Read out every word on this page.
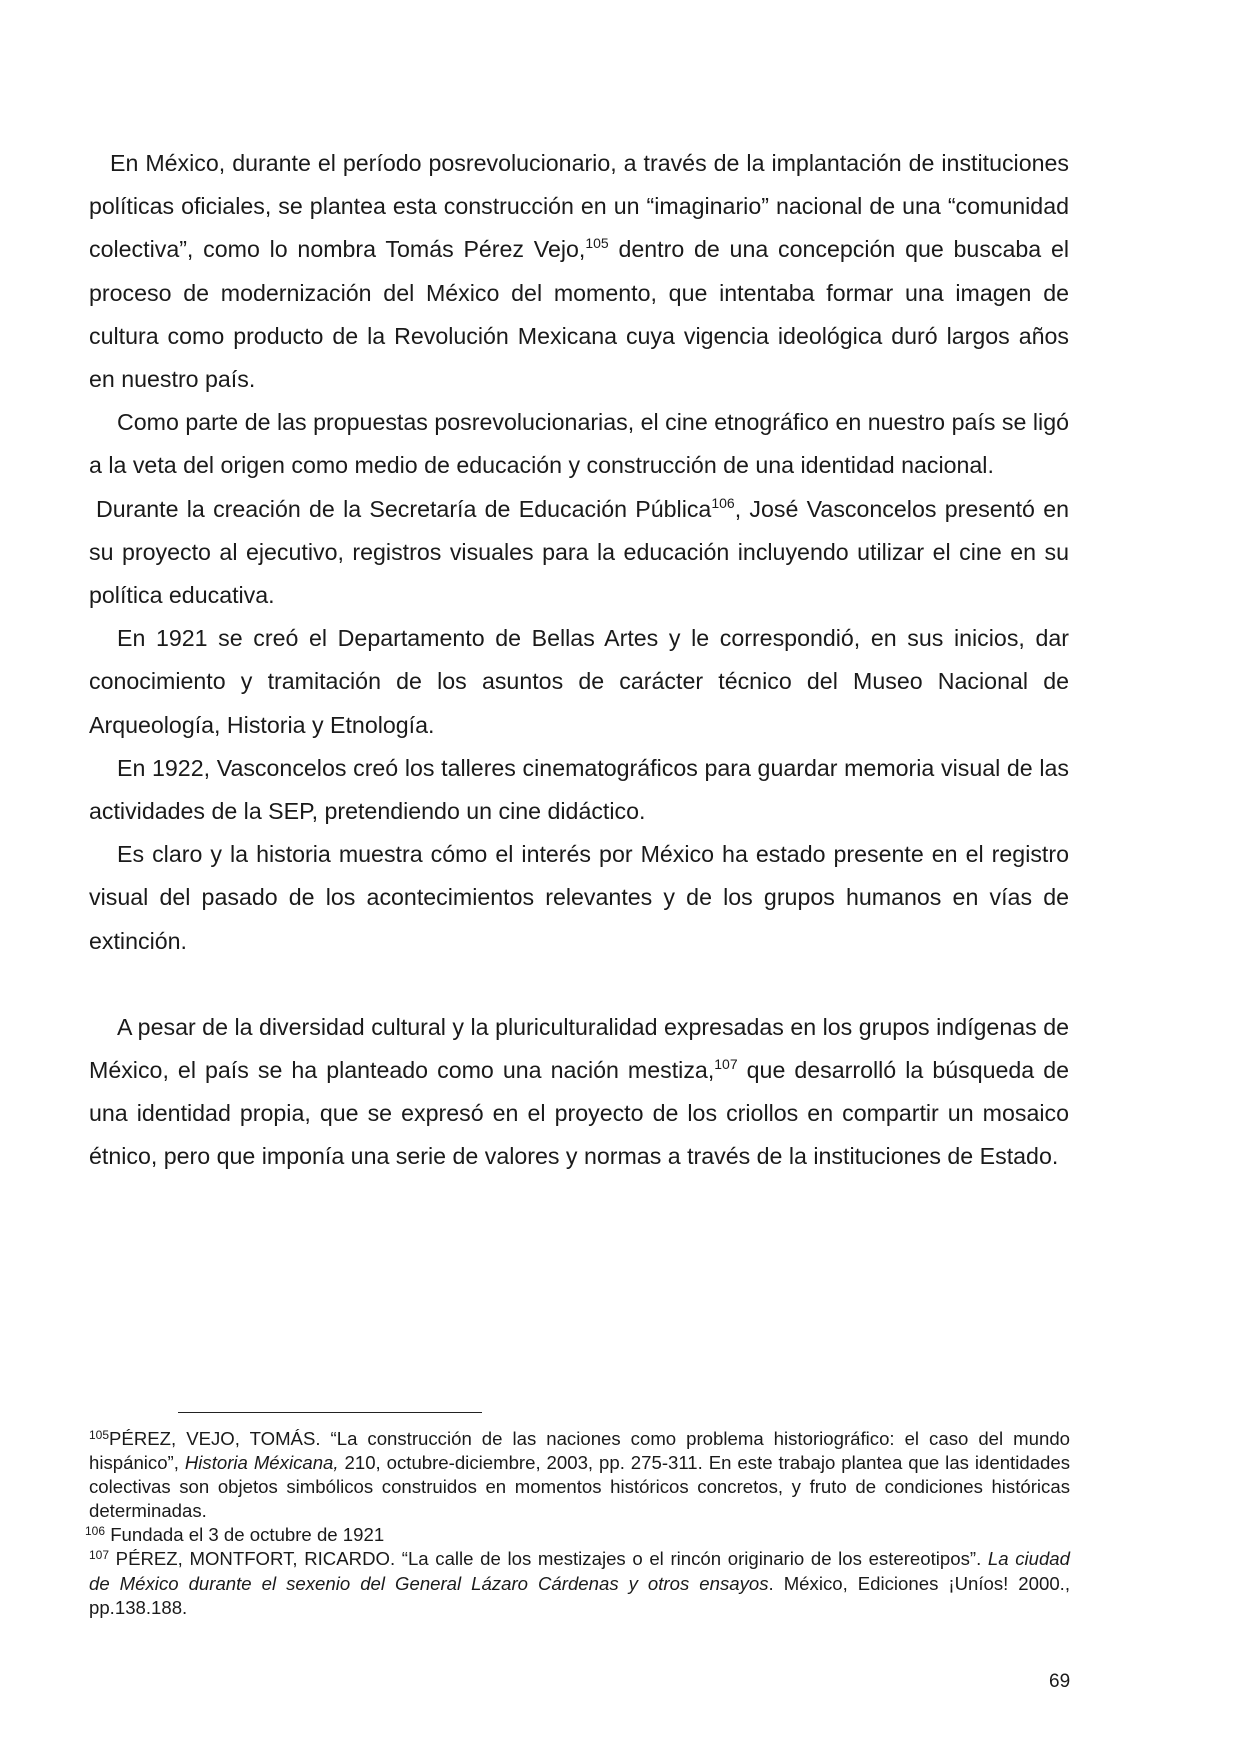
En México, durante el período posrevolucionario, a través de la implantación de instituciones políticas oficiales, se plantea esta construcción en un “imaginario” nacional de una “comunidad colectiva”, como lo nombra Tomás Pérez Vejo,$^{105}$ dentro de una concepción que buscaba el proceso de modernización del México del momento, que intentaba formar una imagen de cultura como producto de la Revolución Mexicana cuya vigencia ideológica duró largos años en nuestro país.

Como parte de las propuestas posrevolucionarias, el cine etnográfico en nuestro país se ligó a la veta del origen como medio de educación y construcción de una identidad nacional.

Durante la creación de la Secretaría de Educación Pública$^{106}$, José Vasconcelos presentó en su proyecto al ejecutivo, registros visuales para la educación incluyendo utilizar el cine en su política educativa.

En 1921 se creó el Departamento de Bellas Artes y le correspondió, en sus inicios, dar conocimiento y tramitación de los asuntos de carácter técnico del Museo Nacional de Arqueología, Historia y Etnología.

En 1922, Vasconcelos creó los talleres cinematográficos para guardar memoria visual de las actividades de la SEP, pretendiendo un cine didáctico.

Es claro y la historia muestra cómo el interés por México ha estado presente en el registro visual del pasado de los acontecimientos relevantes y de los grupos humanos en vías de extinción.

A pesar de la diversidad cultural y la pluriculturalidad expresadas en los grupos indígenas de México, el país se ha planteado como una nación mestiza,$^{107}$ que desarrolló la búsqueda de una identidad propia, que se expresó en el proyecto de los criollos en compartir un mosaico étnico, pero que imponía una serie de valores y normas a través de la instituciones de Estado.

$^{105}$PÉREZ, VEJO, TOMÁS. “La construcción de las naciones como problema historiográfico: el caso del mundo hispánico”, Historia Méxicana, 210, octubre-diciembre, 2003, pp. 275-311. En este trabajo plantea que las identidades colectivas son objetos simbólicos construidos en momentos históricos concretos, y fruto de condiciones históricas determinadas.

$^{106}$ Fundada el 3 de octubre de 1921

$^{107}$ PÉREZ, MONTFORT, RICARDO. “La calle de los mestizajes o el rincón originario de los estereotipos”. La ciudad de México durante el sexenio del General Lázaro Cárdenas y otros ensayos. México, Ediciones ¡Uníos! 2000., pp.138.188.

69
